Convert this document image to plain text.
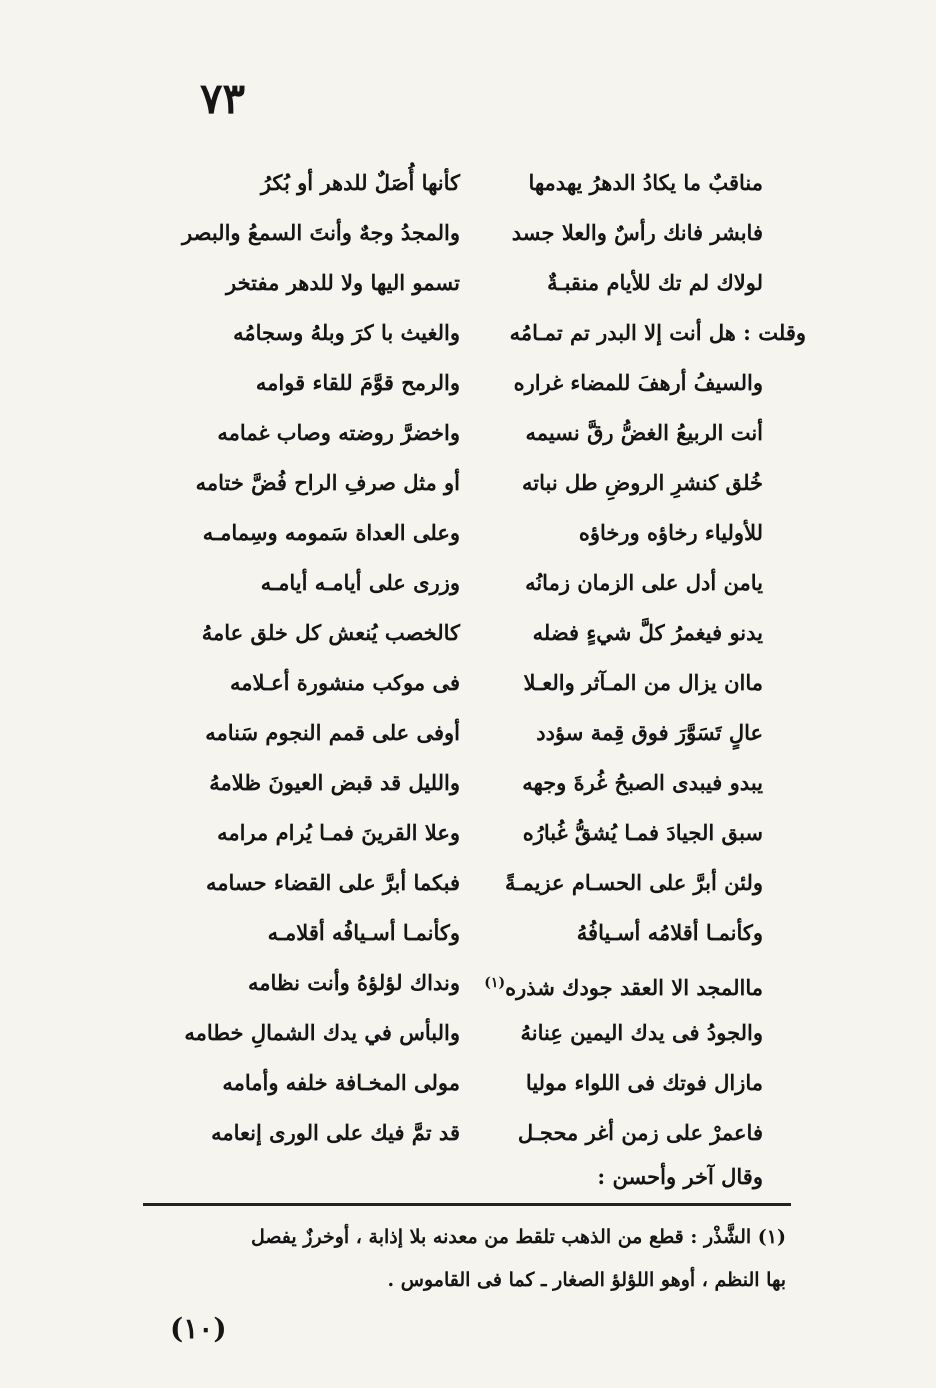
٧٣
مناقبٌ ما يكادُ الدهرُ يهدمها
كأنها أُصَلٌ للدهر أو بُكرُ
فابشر فانك رأسٌ والعلا جسد
والمجدُ وجهٌ وأنتَ السمعُ والبصر
لولاك لم تك للأيام منقبـةٌ
تسمو اليها ولا للدهر مفتخر
وقلت : هل أنت إلا البدر تم تمـامُه
والغيث با كرَ وبلهُ وسجامُه
والسيفُ أرهفَ للمضاء غراره
والرمح قوَّمَ للقاء قوامه
أنت الربيعُ الغضُّ رقَّ نسيمه
واخضرَّ روضته وصاب غمامه
خُلق كنشرِ الروضِ طل نباته
أو مثل صرفِ الراح فُضَّ ختامه
للأولياء رخاؤه ورخاؤه
وعلى العداة سَمومه وسِمامـه
يامن أدل على الزمان زمانُه
وزرى على أيامـه أيامـه
يدنو فيغمرُ كلَّ شيءٍ فضله
كالخصب يُنعش كل خلق عامهُ
ماان يزال من المـآثر والعـلا
فى موكب منشورة أعـلامه
عالٍ تَسَوَّرَ فوق قِمة سؤدد
أوفى على قمم النجوم سَنامه
يبدو فيبدى الصبحُ غُرةَ وجهه
والليل قد قبض العيونَ ظلامهُ
سبق الجيادَ فمـا يُشقُّ غُبارُه
وعلا القرينَ فمـا يُرام مرامه
ولئن أبرَّ على الحسـام عزيمـةً
فبكما أبرَّ على القضاء حسامه
وكأنمـا أقلامُه أسـيافُهُ
وكأنمـا أسـيافُه أقلامـه
ماالمجد الا العقد جودك شذره$^{(١)}$
ونداك لؤلؤهُ وأنت نظامه
والجودُ فى يدك اليمين عِنانهُ
والبأس في يدك الشمالِ خطامه
مازال فوتك فى اللواء موليا
مولى المخـافة خلفه وأمامه
فاعمرْ على زمن أغر محجـل
قد تمَّ فيك على الورى إنعامه
وقال آخر وأحسن :
(١) الشَّذْر : قطع من الذهب تلقط من معدنه بلا إذابة ، أوخرزٌ يفصل
بها النظم ، أوهو اللؤلؤ الصغار ـ كما فى القاموس .
(١٠)
